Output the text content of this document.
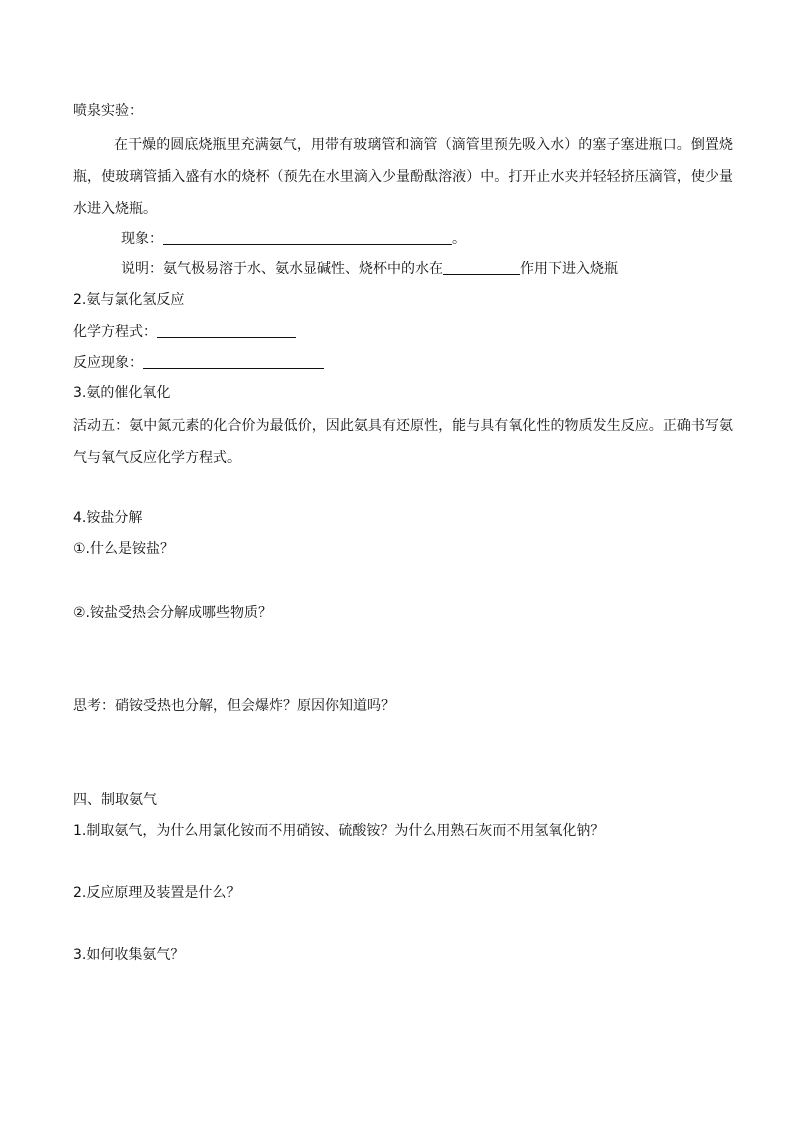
喷泉实验：
在干燥的圆底烧瓶里充满氨气，用带有玻璃管和滴管（滴管里预先吸入水）的塞子塞进瓶口。倒置烧瓶，使玻璃管插入盛有水的烧杯（预先在水里滴入少量酚酞溶液）中。打开止水夹并轻轻挤压滴管，使少量水进入烧瓶。
现象：	。
说明：氨气极易溶于水、氨水显碱性、烧杯中的水在	作用下进入烧瓶
2.氨与氯化氢反应
化学方程式：
反应现象：
3.氨的催化氧化
活动五：氨中氮元素的化合价为最低价，因此氨具有还原性，能与具有氧化性的物质发生反应。正确书写氨气与氧气反应化学方程式。
4.铵盐分解
①.什么是铵盐？
②.铵盐受热会分解成哪些物质？
思考：硝铵受热也分解，但会爆炸？原因你知道吗？
四、制取氨气
1.制取氨气，为什么用氯化铵而不用硝铵、硫酸铵？为什么用熟石灰而不用氢氧化钠？
2.反应原理及装置是什么？
3.如何收集氨气？
